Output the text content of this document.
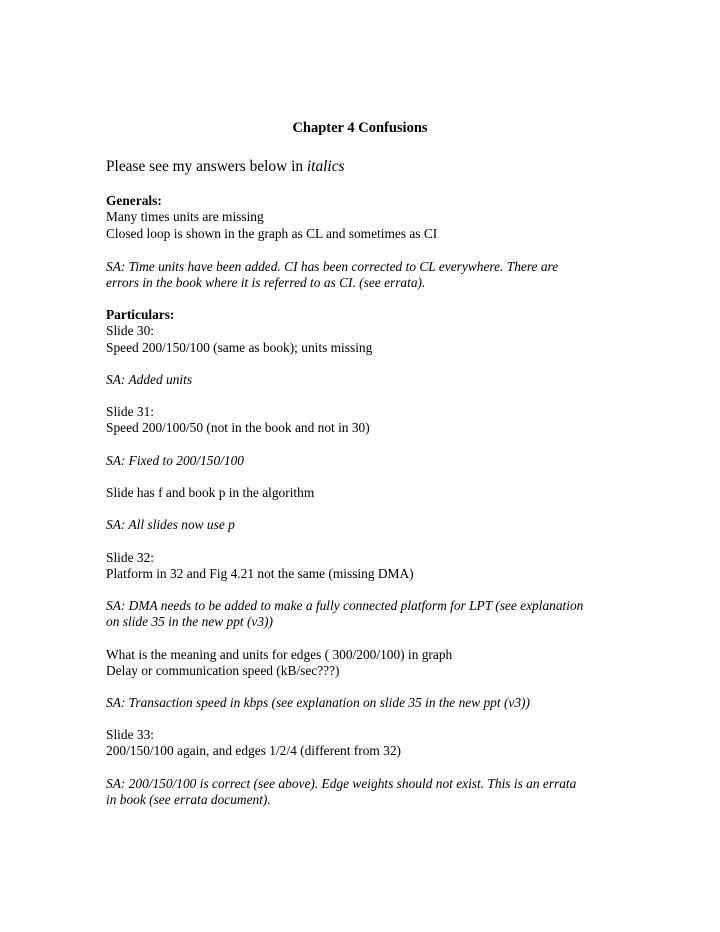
Chapter 4 Confusions
Please see my answers below in italics
Generals:
Many times units are missing
Closed loop is shown in the graph as CL and sometimes as CI
SA: Time units have been added. CI has been corrected to CL everywhere. There are
errors in the book where it is referred to as CI. (see errata).
Particulars:
Slide 30:
Speed 200/150/100 (same as book); units missing
SA: Added units
Slide 31:
Speed 200/100/50 (not in the book and not in 30)
SA: Fixed to 200/150/100
Slide has f and book p in the algorithm
SA: All slides now use p
Slide 32:
Platform in 32 and Fig 4.21 not the same (missing DMA)
SA: DMA needs to be added to make a fully connected platform for LPT (see explanation
on slide 35 in the new ppt (v3))
What is the meaning and units for edges ( 300/200/100) in graph
Delay or communication speed (kB/sec???)
SA: Transaction speed in kbps (see explanation on slide 35 in the new ppt (v3))
Slide 33:
200/150/100 again, and edges 1/2/4 (different from 32)
SA: 200/150/100 is correct (see above). Edge weights should not exist. This is an errata
in book (see errata document).
